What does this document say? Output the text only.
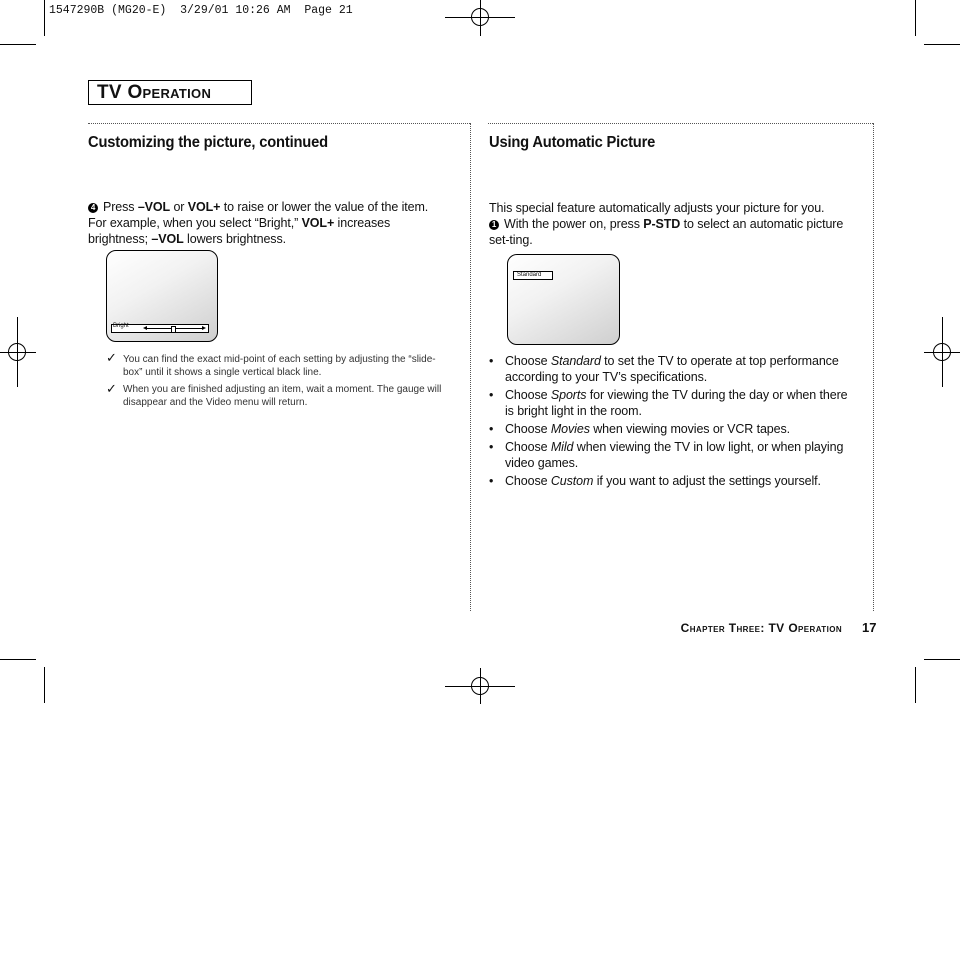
1547290B (MG20-E)  3/29/01 10:26 AM  Page 21
TV Operation
Customizing the picture, continued
4 Press –VOL or VOL+ to raise or lower the value of the item. For example, when you select “Bright,” VOL+ increases brightness; –VOL lowers brightness.
Bright
✓ You can find the exact mid-point of each setting by adjusting the “slide-box” until it shows a single vertical black line.
✓ When you are finished adjusting an item, wait a moment. The gauge will disappear and the Video menu will return.
Using Automatic Picture
This special feature automatically adjusts your picture for you.
1 With the power on, press P-STD to select an automatic picture set-ting.
Standard
• Choose Standard to set the TV to operate at top performance according to your TV’s specifications.
• Choose Sports for viewing the TV during the day or when there is bright light in the room.
• Choose Movies when viewing movies or VCR tapes.
• Choose Mild when viewing the TV in low light, or when playing video games.
• Choose Custom if you want to adjust the settings yourself.
Chapter Three: TV Operation 17
